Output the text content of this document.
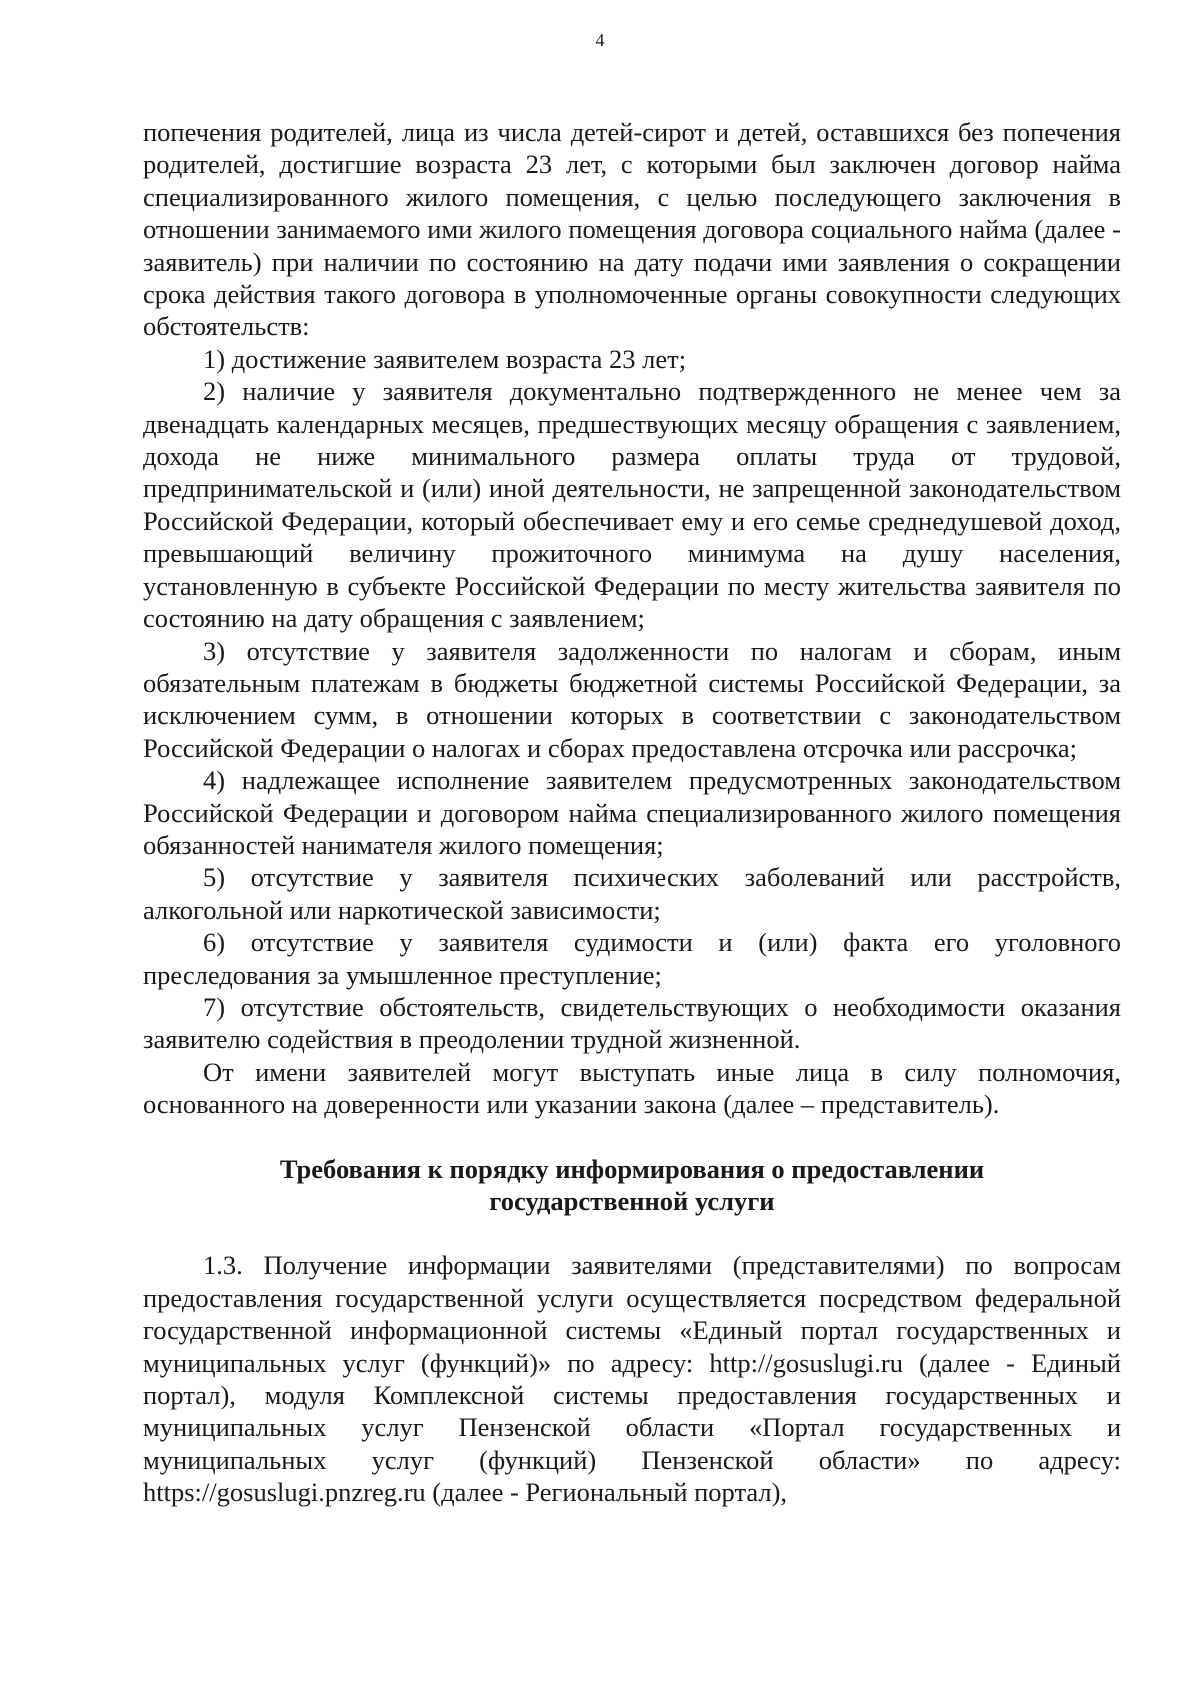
4

попечения родителей, лица из числа детей-сирот и детей, оставшихся без попечения родителей, достигшие возраста 23 лет, с которыми был заключен договор найма специализированного жилого помещения, с целью последующего заключения в отношении занимаемого ими жилого помещения договора социального найма (далее - заявитель) при наличии по состоянию на дату подачи ими заявления о сокращении срока действия такого договора в уполномоченные органы совокупности следующих обстоятельств:

1) достижение заявителем возраста 23 лет;

2) наличие у заявителя документально подтвержденного не менее чем за двенадцать календарных месяцев, предшествующих месяцу обращения с заявлением, дохода не ниже минимального размера оплаты труда от трудовой, предпринимательской и (или) иной деятельности, не запрещенной законодательством Российской Федерации, который обеспечивает ему и его семье среднедушевой доход, превышающий величину прожиточного минимума на душу населения, установленную в субъекте Российской Федерации по месту жительства заявителя по состоянию на дату обращения с заявлением;

3) отсутствие у заявителя задолженности по налогам и сборам, иным обязательным платежам в бюджеты бюджетной системы Российской Федерации, за исключением сумм, в отношении которых в соответствии с законодательством Российской Федерации о налогах и сборах предоставлена отсрочка или рассрочка;

4) надлежащее исполнение заявителем предусмотренных законодательством Российской Федерации и договором найма специализированного жилого помещения обязанностей нанимателя жилого помещения;

5) отсутствие у заявителя психических заболеваний или расстройств, алкогольной или наркотической зависимости;

6) отсутствие у заявителя судимости и (или) факта его уголовного преследования за умышленное преступление;

7) отсутствие обстоятельств, свидетельствующих о необходимости оказания заявителю содействия в преодолении трудной жизненной.

От имени заявителей могут выступать иные лица в силу полномочия, основанного на доверенности или указании закона (далее – представитель).

Требования к порядку информирования о предоставлении
государственной услуги

1.3. Получение информации заявителями (представителями) по вопросам предоставления государственной услуги осуществляется посредством федеральной государственной информационной системы «Единый портал государственных и муниципальных услуг (функций)» по адресу: http://gosuslugi.ru (далее - Единый портал), модуля Комплексной системы предоставления государственных и муниципальных услуг Пензенской области «Портал государственных и муниципальных услуг (функций) Пензенской области» по адресу: https://gosuslugi.pnzreg.ru (далее - Региональный портал),
